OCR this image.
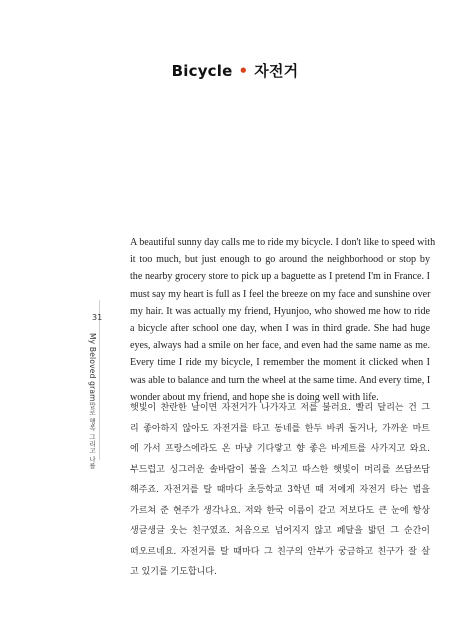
Bicycle • 자전거
31
My Beloved gram말로 행복 그리고 나를
A beautiful sunny day calls me to ride my bicycle. I don't like to speed with
it too much, but just enough to go around the neighborhood or stop by
the nearby grocery store to pick up a baguette as I pretend I'm in France. I
must say my heart is full as I feel the breeze on my face and sunshine over
my hair. It was actually my friend, Hyunjoo, who showed me how to ride
a bicycle after school one day, when I was in third grade. She had huge
eyes, always had a smile on her face, and even had the same name as me.
Every time I ride my bicycle, I remember the moment it clicked when I
was able to balance and turn the wheel at the same time. And every time, I
wonder about my friend, and hope she is doing well with life.
햇빛이 찬란한 날이면 자전거가 나가자고 저를 불러요. 빨리 달리는 건 그
리 좋아하지 않아도 자전거를 타고 동네를 한두 바퀴 돌거나, 가까운 마트
에 가서 프랑스에라도 온 마냥 기다랗고 향 좋은 바게트를 사가지고 와요.
부드럽고 싱그러운 솔바람이 볼을 스치고 따스한 햇빛이 머리를 쓰담쓰담
해주죠. 자전거를 탈 때마다 초등학교 3학년 때 저에게 자전거 타는 법을
가르쳐 준 현주가 생각나요. 저와 한국 이름이 같고 저보다도 큰 눈에 항상
생글생글 웃는 친구였죠. 처음으로 넘어지지 않고 페달을 밟던 그 순간이
떠오르네요. 자전거를 탈 때마다 그 친구의 안부가 궁금하고 친구가 잘 살
고 있기를 기도합니다.
